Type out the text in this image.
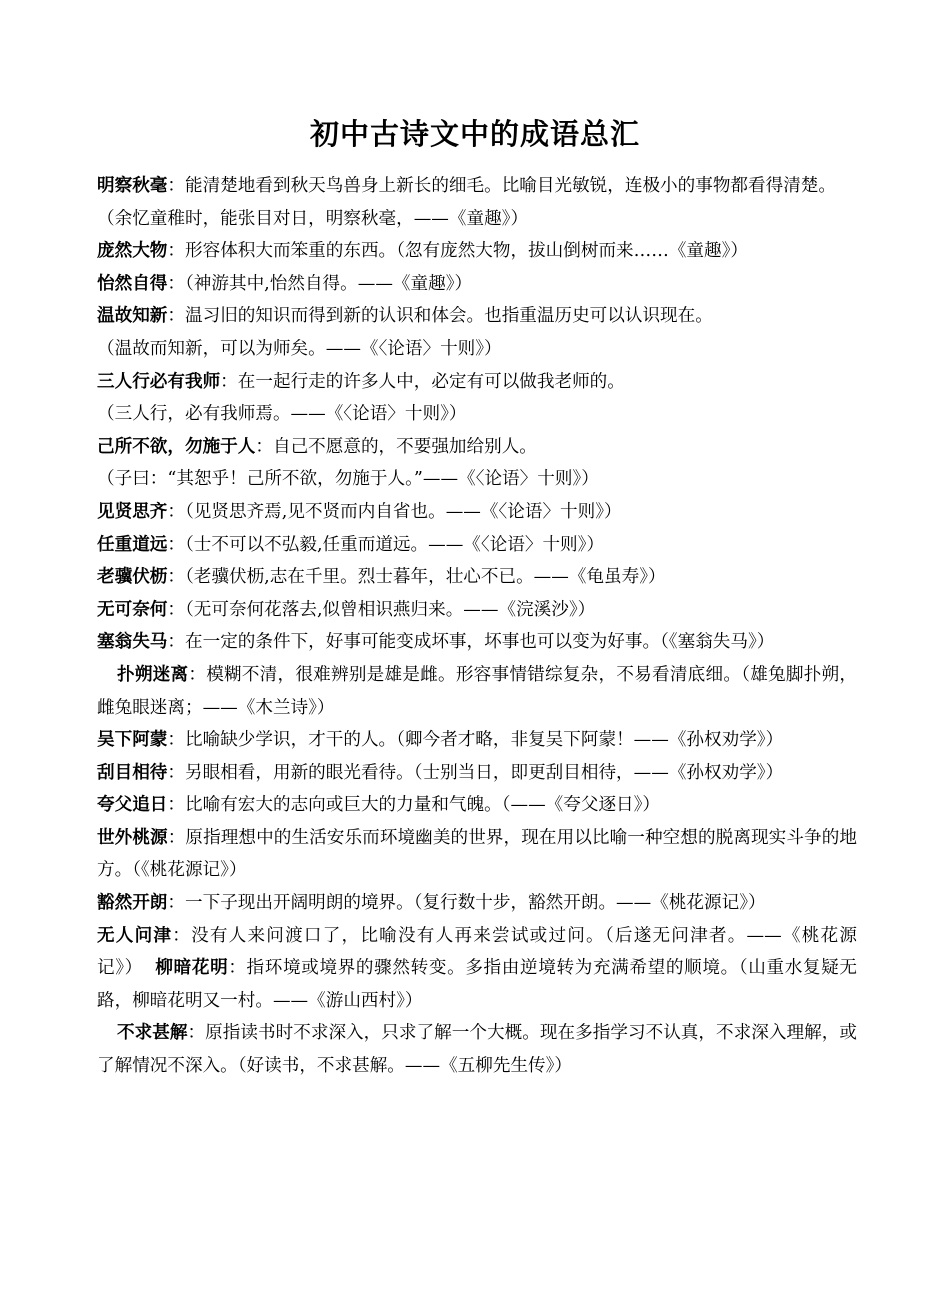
初中古诗文中的成语总汇

明察秋毫：能清楚地看到秋天鸟兽身上新长的细毛。比喻目光敏锐，连极小的事物都看得清楚。

（余忆童稚时，能张目对日，明察秋毫，——《童趣》）

庞然大物：形容体积大而笨重的东西。（忽有庞然大物，拔山倒树而来……《童趣》）

怡然自得：（神游其中,怡然自得。——《童趣》）

温故知新：温习旧的知识而得到新的认识和体会。也指重温历史可以认识现在。

（温故而知新，可以为师矣。——《〈论语〉十则》）

三人行必有我师：在一起行走的许多人中，必定有可以做我老师的。

（三人行，必有我师焉。——《〈论语〉十则》）

己所不欲，勿施于人：自己不愿意的，不要强加给别人。

（子曰：“其恕乎！己所不欲，勿施于人。”——《〈论语〉十则》）

见贤思齐：（见贤思齐焉,见不贤而内自省也。——《〈论语〉十则》）

任重道远：（士不可以不弘毅,任重而道远。——《〈论语〉十则》）

老骥伏枥：（老骥伏枥,志在千里。烈士暮年，壮心不已。——《龟虽寿》）

无可奈何：（无可奈何花落去,似曾相识燕归来。——《浣溪沙》）

塞翁失马：在一定的条件下，好事可能变成坏事，坏事也可以变为好事。（《塞翁失马》）

扑朔迷离：模糊不清，很难辨别是雄是雌。形容事情错综复杂，不易看清底细。（雄兔脚扑朔，雌兔眼迷离；——《木兰诗》）

吴下阿蒙：比喻缺少学识，才干的人。（卿今者才略，非复吴下阿蒙！——《孙权劝学》）

刮目相待：另眼相看，用新的眼光看待。（士别当日，即更刮目相待，——《孙权劝学》）

夸父追日：比喻有宏大的志向或巨大的力量和气魄。（——《夸父逐日》）

世外桃源：原指理想中的生活安乐而环境幽美的世界，现在用以比喻一种空想的脱离现实斗争的地方。（《桃花源记》）

豁然开朗：一下子现出开阔明朗的境界。（复行数十步，豁然开朗。——《桃花源记》）

无人问津：没有人来问渡口了，比喻没有人再来尝试或过问。（后遂无问津者。——《桃花源记》） 柳暗花明：指环境或境界的骤然转变。多指由逆境转为充满希望的顺境。（山重水复疑无路，柳暗花明又一村。——《游山西村》）

不求甚解：原指读书时不求深入，只求了解一个大概。现在多指学习不认真，不求深入理解，或了解情况不深入。（好读书，不求甚解。——《五柳先生传》）
